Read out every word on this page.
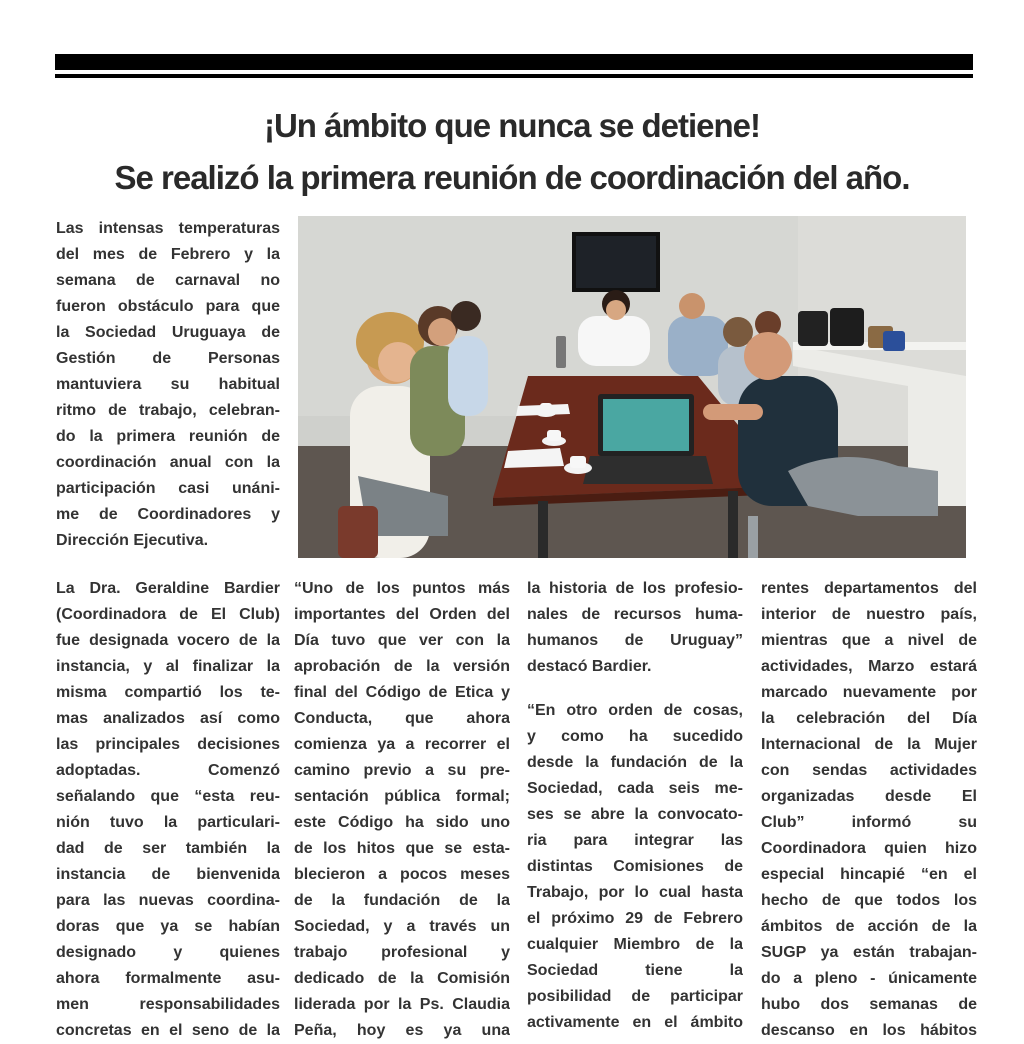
¡Un ámbito que nunca se detiene!
Se realizó la primera reunión de coordinación del año.
Las intensas temperaturas
del mes de Febrero y la
semana de carnaval no
fueron obstáculo para que
la Sociedad Uruguaya de
Gestión de Personas
mantuviera su habitual
ritmo de trabajo, celebran-
do la primera reunión de
coordinación anual con la
participación casi unáni-
me de Coordinadores y
Dirección Ejecutiva.
La Dra. Geraldine Bardier
(Coordinadora de El Club)
fue designada vocero de la
instancia, y al finalizar la
misma compartió los te-
mas analizados así como
las principales decisiones
adoptadas. Comenzó
señalando que “esta reu-
nión tuvo la particulari-
dad de ser también la
instancia de bienvenida
para las nuevas coordina-
doras que ya se habían
designado y quienes
ahora formalmente asu-
men responsabilidades
concretas en el seno de la
“Uno de los puntos más
importantes del Orden del
Día tuvo que ver con la
aprobación de la versión
final del Código de Etica y
Conducta, que ahora
comienza ya a recorrer el
camino previo a su pre-
sentación pública formal;
este Código ha sido uno
de los hitos que se esta-
blecieron a pocos meses
de la fundación de la
Sociedad, y a través un
trabajo profesional y
dedicado de la Comisión
liderada por la Ps. Claudia
Peña, hoy es ya una
la historia de los profesio-
nales de recursos huma-
humanos de Uruguay”
destacó Bardier.
“En otro orden de cosas,
y como ha sucedido
desde la fundación de la
Sociedad, cada seis me-
ses se abre la convocato-
ria para integrar las
distintas Comisiones de
Trabajo, por lo cual hasta
el próximo 29 de Febrero
cualquier Miembro de la
Sociedad tiene la
posibilidad de participar
activamente en el ámbito
rentes departamentos del
interior de nuestro país,
mientras que a nivel de
actividades, Marzo estará
marcado nuevamente por
la celebración del Día
Internacional de la Mujer
con sendas actividades
organizadas desde El
Club” informó su
Coordinadora quien hizo
especial hincapié “en el
hecho de que todos los
ámbitos de acción de la
SUGP ya están trabajan-
do a pleno - únicamente
hubo dos semanas de
descanso en los hábitos
